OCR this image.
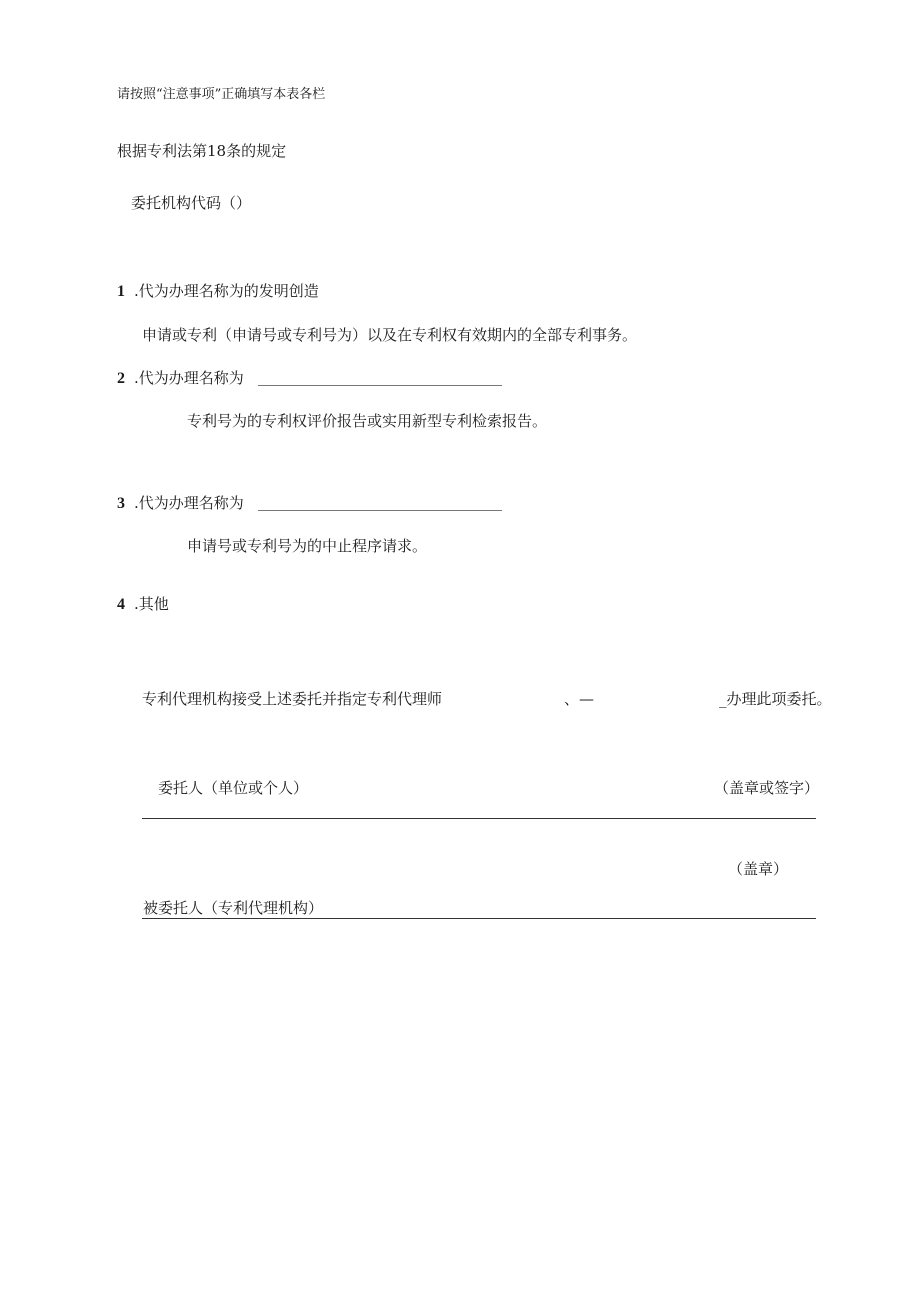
请按照“注意事项”正确填写本表各栏
根据专利法第18条的规定
委托机构代码（）
1 .代为办理名称为的发明创造
申请或专利（申请号或专利号为）以及在专利权有效期内的全部专利事务。
2 .代为办理名称为
专利号为的专利权评价报告或实用新型专利检索报告。
3 .代为办理名称为
申请号或专利号为的中止程序请求。
4 .其他
专利代理机构接受上述委托并指定专利代理师	、—	_办理此项委托。
委托人（单位或个人）	（盖章或签字）
（盖章）
被委托人（专利代理机构）
